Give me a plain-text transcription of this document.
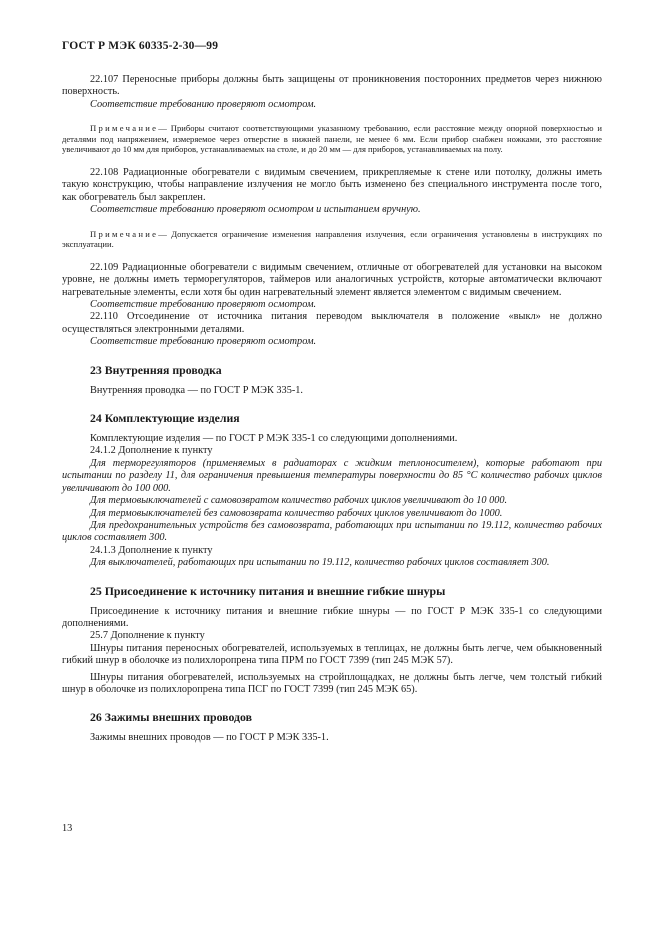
ГОСТ Р МЭК 60335-2-30—99

22.107 Переносные приборы должны быть защищены от проникновения посторонних предметов через нижнюю поверхность.

Соответствие требованию проверяют осмотром.

Примечание— Приборы считают соответствующими указанному требованию, если расстояние между опорной поверхностью и деталями под напряжением, измеряемое через отверстие в нижней панели, не менее 6 мм. Если прибор снабжен ножками, это расстояние увеличивают до 10 мм для приборов, устанавливаемых на столе, и до 20 мм — для приборов, устанавливаемых на полу.

22.108 Радиационные обогреватели с видимым свечением, прикрепляемые к стене или потолку, должны иметь такую конструкцию, чтобы направление излучения не могло быть изменено без специального инструмента после того, как обогреватель был закреплен.

Соответствие требованию проверяют осмотром и испытанием вручную.

Примечание— Допускается ограничение изменения направления излучения, если ограничения установлены в инструкциях по эксплуатации.

22.109 Радиационные обогреватели с видимым свечением, отличные от обогревателей для установки на высоком уровне, не должны иметь терморегуляторов, таймеров или аналогичных устройств, которые автоматически включают нагревательные элементы, если хотя бы один нагревательный элемент является элементом с видимым свечением.

Соответствие требованию проверяют осмотром.

22.110 Отсоединение от источника питания переводом выключателя в положение «выкл» не должно осуществляться электронными деталями.

Соответствие требованию проверяют осмотром.

23 Внутренняя проводка

Внутренняя проводка — по ГОСТ Р МЭК 335-1.

24 Комплектующие изделия

Комплектующие изделия — по ГОСТ Р МЭК 335-1 со следующими дополнениями.

24.1.2 Дополнение к пункту

Для терморегуляторов (применяемых в радиаторах с жидким теплоносителем), которые работают при испытании по разделу 11, для ограничения превышения температуры поверхности до 85 °С количество рабочих циклов увеличивают до 100 000.

Для термовыключателей с самовозвратом количество рабочих циклов увеличивают до 10 000.

Для термовыключателей без самовозврата количество рабочих циклов увеличивают до 1000.

Для предохранительных устройств без самовозврата, работающих при испытании по 19.112, количество рабочих циклов составляет 300.

24.1.3 Дополнение к пункту

Для выключателей, работающих при испытании по 19.112, количество рабочих циклов составляет 300.

25 Присоединение к источнику питания и внешние гибкие шнуры

Присоединение к источнику питания и внешние гибкие шнуры — по ГОСТ Р МЭК 335-1 со следующими дополнениями.

25.7 Дополнение к пункту

Шнуры питания переносных обогревателей, используемых в теплицах, не должны быть легче, чем обыкновенный гибкий шнур в оболочке из полихлоропрена типа ПРМ по ГОСТ 7399 (тип 245 МЭК 57).

Шнуры питания обогревателей, используемых на стройплощадках, не должны быть легче, чем толстый гибкий шнур в оболочке из полихлоропрена типа ПСГ по ГОСТ 7399 (тип 245 МЭК 65).

26 Зажимы внешних проводов

Зажимы внешних проводов — по ГОСТ Р МЭК 335-1.

13
